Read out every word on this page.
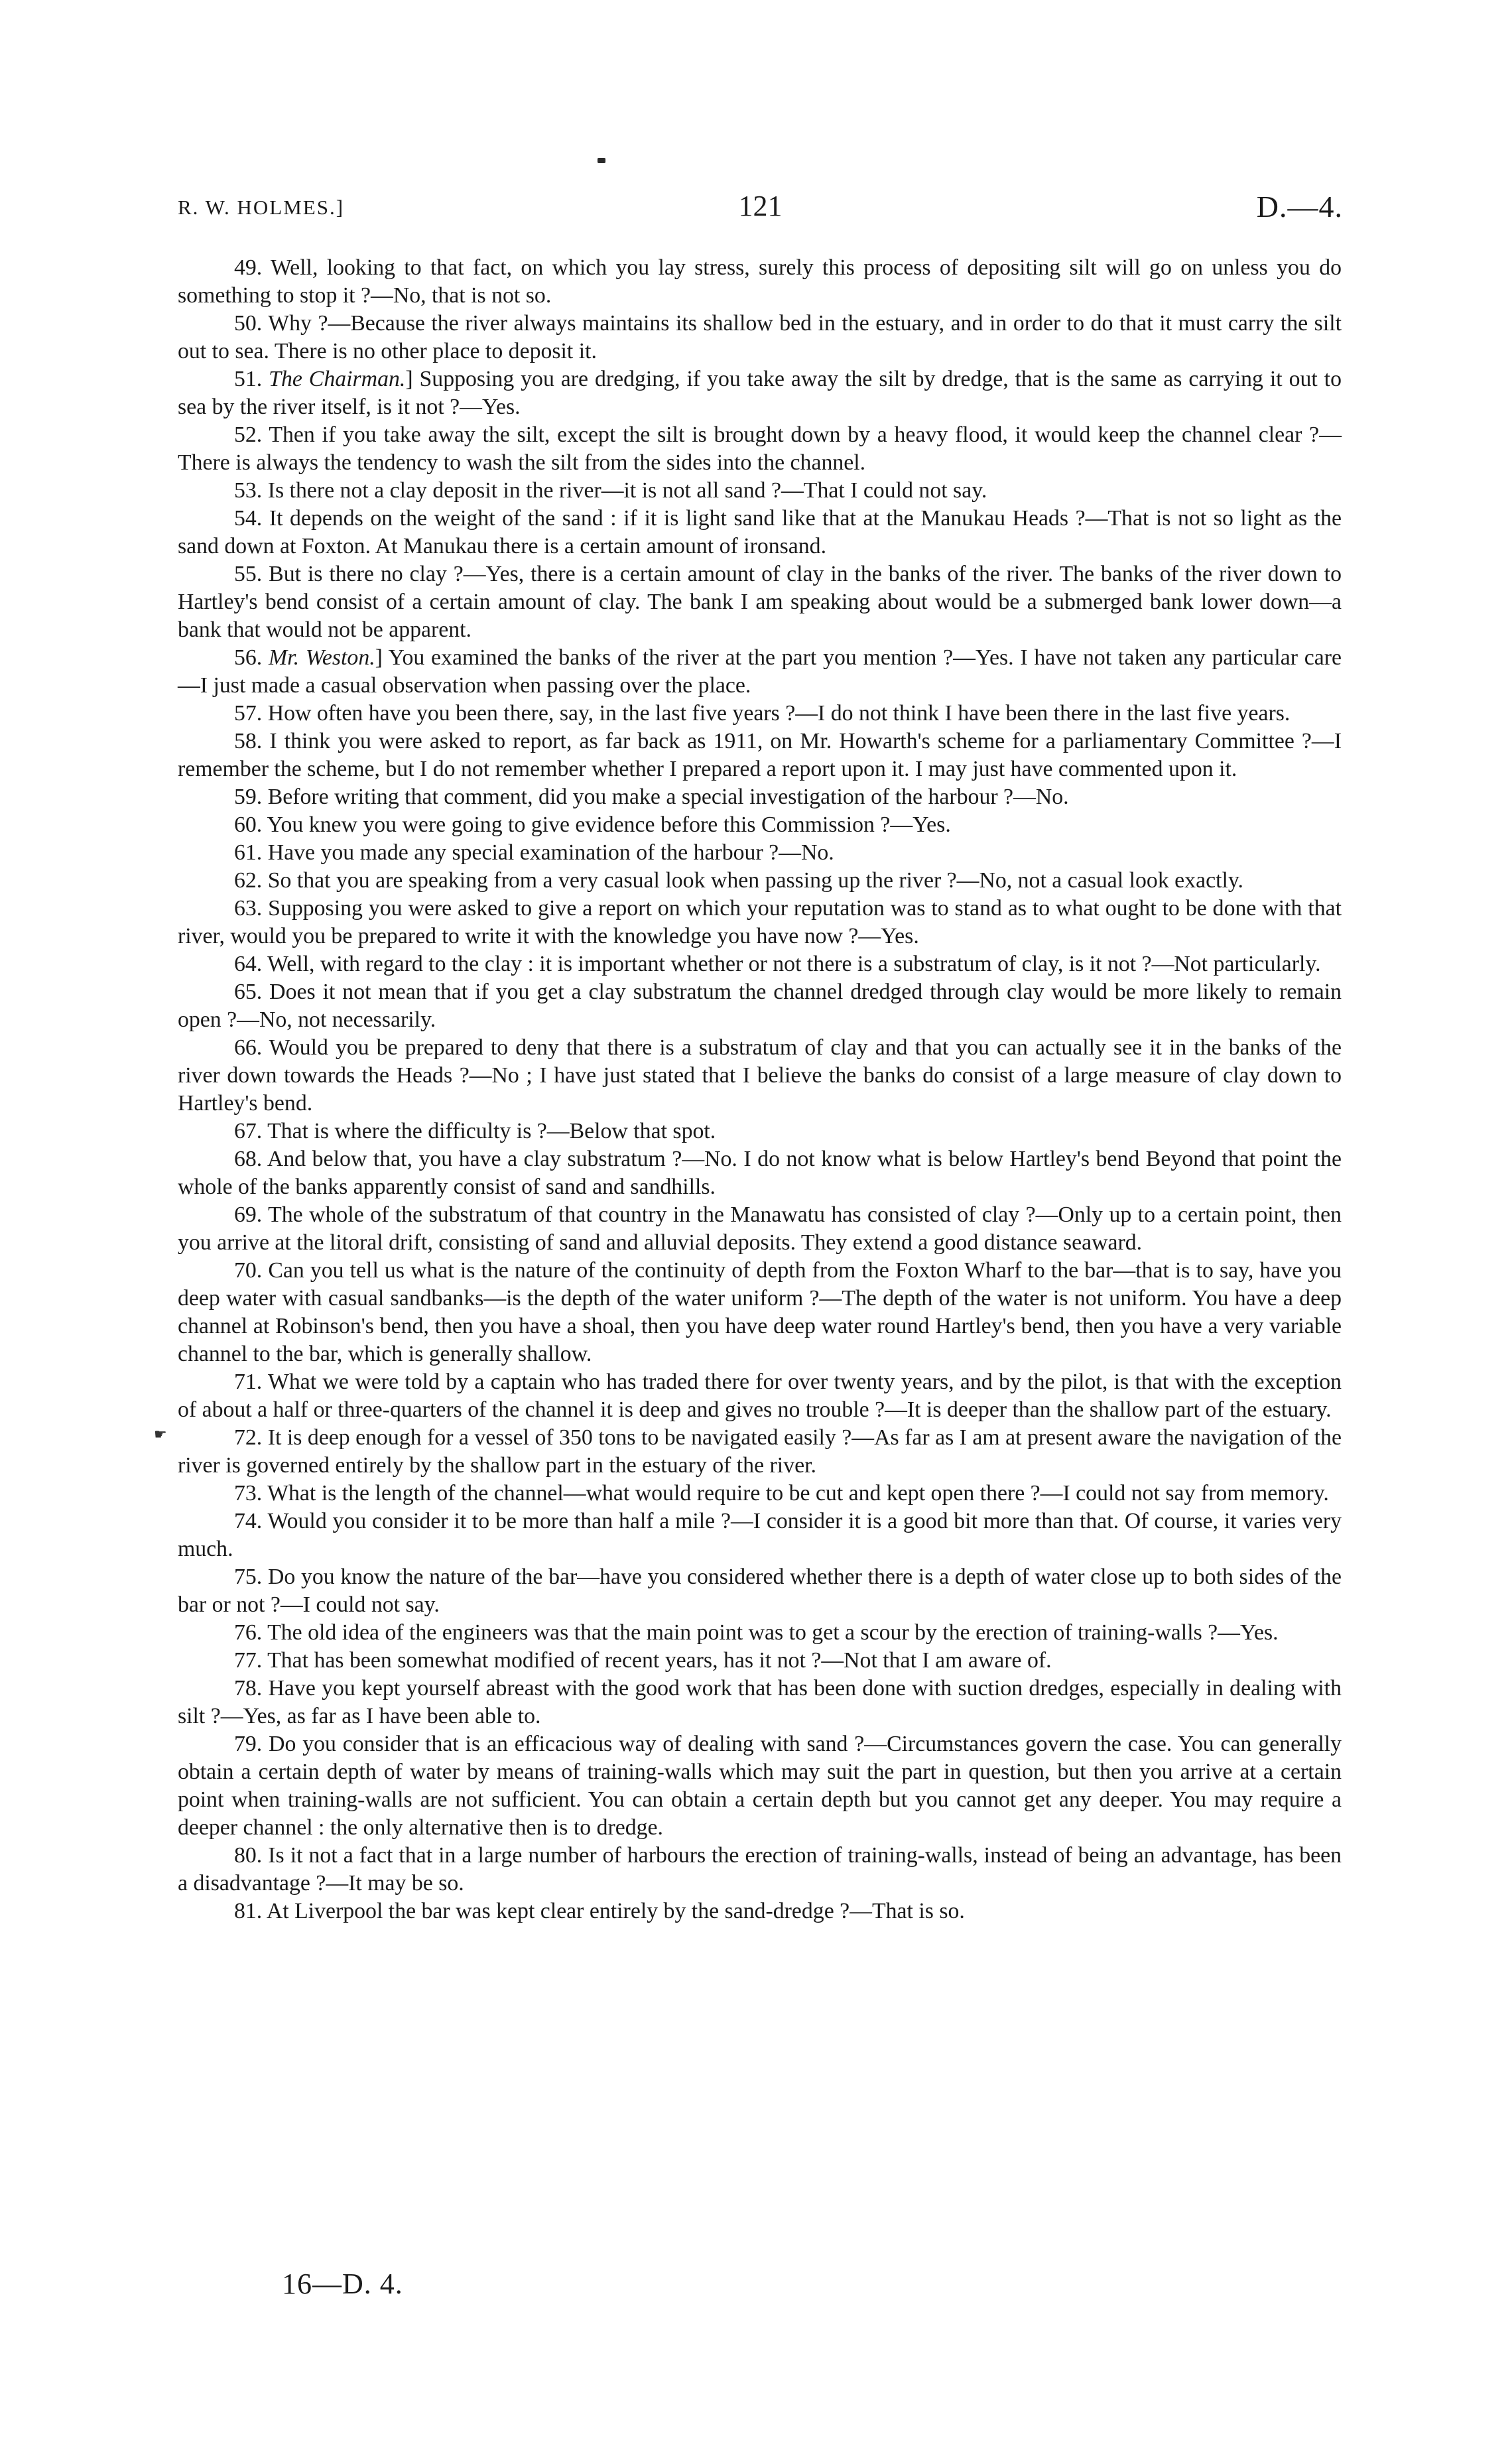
R. W. HOLMES.]	121	D.—4.

49. Well, looking to that fact, on which you lay stress, surely this process of depositing silt will go on unless you do something to stop it ?—No, that is not so.

50. Why ?—Because the river always maintains its shallow bed in the estuary, and in order to do that it must carry the silt out to sea. There is no other place to deposit it.

51. The Chairman.] Supposing you are dredging, if you take away the silt by dredge, that is the same as carrying it out to sea by the river itself, is it not ?—Yes.

52. Then if you take away the silt, except the silt is brought down by a heavy flood, it would keep the channel clear ?—There is always the tendency to wash the silt from the sides into the channel.

53. Is there not a clay deposit in the river—it is not all sand ?—That I could not say.

54. It depends on the weight of the sand : if it is light sand like that at the Manukau Heads ?—That is not so light as the sand down at Foxton. At Manukau there is a certain amount of ironsand.

55. But is there no clay ?—Yes, there is a certain amount of clay in the banks of the river. The banks of the river down to Hartley's bend consist of a certain amount of clay. The bank I am speaking about would be a submerged bank lower down—a bank that would not be apparent.

56. Mr. Weston.] You examined the banks of the river at the part you mention ?—Yes. I have not taken any particular care—I just made a casual observation when passing over the place.

57. How often have you been there, say, in the last five years ?—I do not think I have been there in the last five years.

58. I think you were asked to report, as far back as 1911, on Mr. Howarth's scheme for a parliamentary Committee ?—I remember the scheme, but I do not remember whether I prepared a report upon it. I may just have commented upon it.

59. Before writing that comment, did you make a special investigation of the harbour ?—No.

60. You knew you were going to give evidence before this Commission ?—Yes.

61. Have you made any special examination of the harbour ?—No.

62. So that you are speaking from a very casual look when passing up the river ?—No, not a casual look exactly.

63. Supposing you were asked to give a report on which your reputation was to stand as to what ought to be done with that river, would you be prepared to write it with the knowledge you have now ?—Yes.

64. Well, with regard to the clay : it is important whether or not there is a substratum of clay, is it not ?—Not particularly.

65. Does it not mean that if you get a clay substratum the channel dredged through clay would be more likely to remain open ?—No, not necessarily.

66. Would you be prepared to deny that there is a substratum of clay and that you can actually see it in the banks of the river down towards the Heads ?—No ; I have just stated that I believe the banks do consist of a large measure of clay down to Hartley's bend.

67. That is where the difficulty is ?—Below that spot.

68. And below that, you have a clay substratum ?—No. I do not know what is below Hartley's bend Beyond that point the whole of the banks apparently consist of sand and sandhills.

69. The whole of the substratum of that country in the Manawatu has consisted of clay ?—Only up to a certain point, then you arrive at the litoral drift, consisting of sand and alluvial deposits. They extend a good distance seaward.

70. Can you tell us what is the nature of the continuity of depth from the Foxton Wharf to the bar—that is to say, have you deep water with casual sandbanks—is the depth of the water uniform ?—The depth of the water is not uniform. You have a deep channel at Robinson's bend, then you have a shoal, then you have deep water round Hartley's bend, then you have a very variable channel to the bar, which is generally shallow.

71. What we were told by a captain who has traded there for over twenty years, and by the pilot, is that with the exception of about a half or three-quarters of the channel it is deep and gives no trouble ?—It is deeper than the shallow part of the estuary.

72. It is deep enough for a vessel of 350 tons to be navigated easily ?—As far as I am at present aware the navigation of the river is governed entirely by the shallow part in the estuary of the river.

73. What is the length of the channel—what would require to be cut and kept open there ?—I could not say from memory.

74. Would you consider it to be more than half a mile ?—I consider it is a good bit more than that. Of course, it varies very much.

75. Do you know the nature of the bar—have you considered whether there is a depth of water close up to both sides of the bar or not ?—I could not say.

76. The old idea of the engineers was that the main point was to get a scour by the erection of training-walls ?—Yes.

77. That has been somewhat modified of recent years, has it not ?—Not that I am aware of.

78. Have you kept yourself abreast with the good work that has been done with suction dredges, especially in dealing with silt ?—Yes, as far as I have been able to.

79. Do you consider that is an efficacious way of dealing with sand ?—Circumstances govern the case. You can generally obtain a certain depth of water by means of training-walls which may suit the part in question, but then you arrive at a certain point when training-walls are not sufficient. You can obtain a certain depth but you cannot get any deeper. You may require a deeper channel : the only alternative then is to dredge.

80. Is it not a fact that in a large number of harbours the erection of training-walls, instead of being an advantage, has been a disadvantage ?—It may be so.

81. At Liverpool the bar was kept clear entirely by the sand-dredge ?—That is so.

☛
16—D. 4.
